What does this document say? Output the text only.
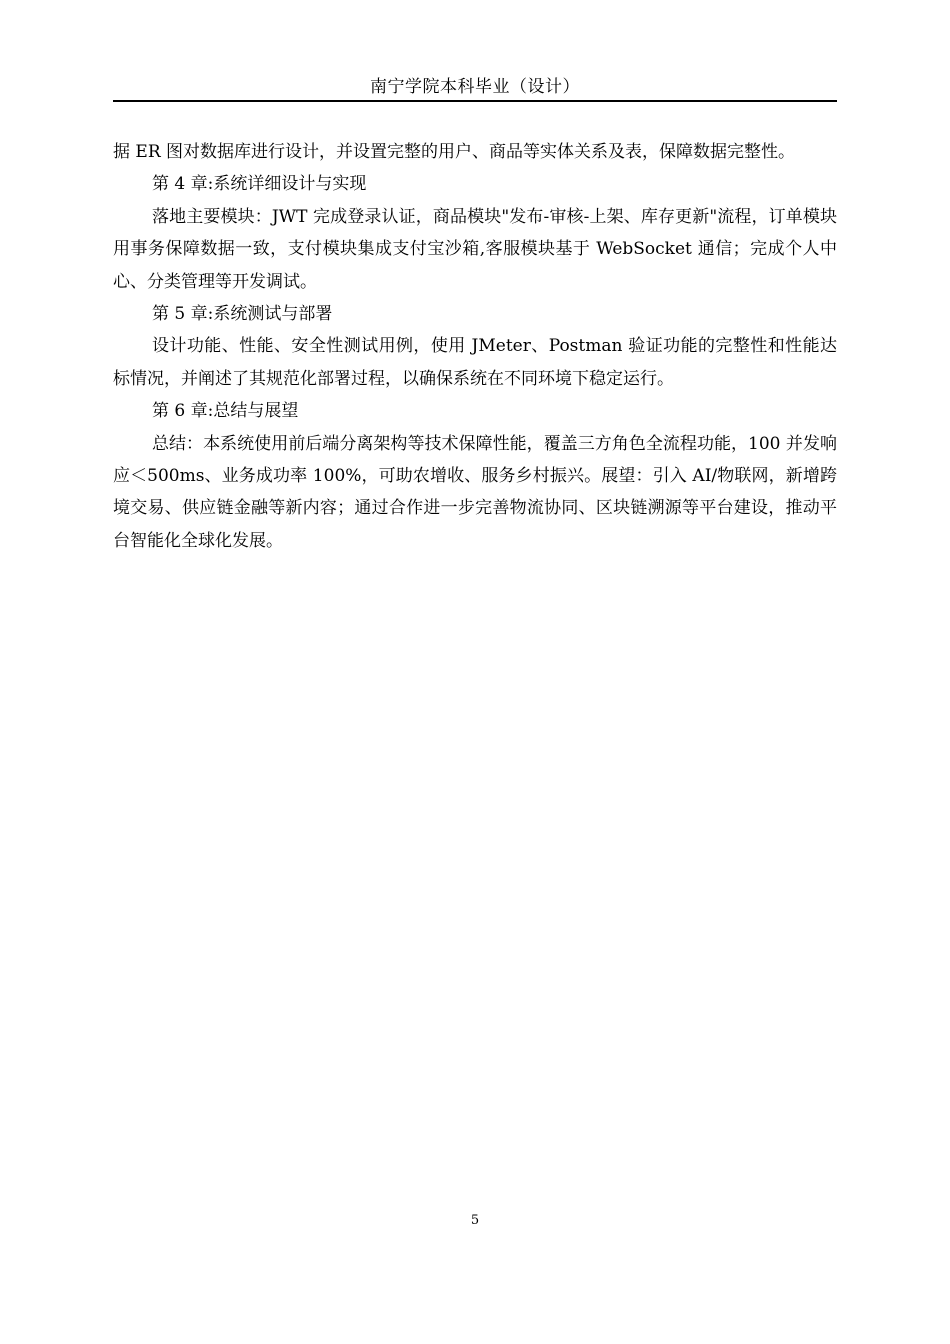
南宁学院本科毕业（设计）

据 ER 图对数据库进行设计，并设置完整的用户、商品等实体关系及表，保障数据完整性。

第 4 章:系统详细设计与实现

落地主要模块：JWT 完成登录认证，商品模块"发布-审核-上架、库存更新"流程，订单模块用事务保障数据一致，支付模块集成支付宝沙箱,客服模块基于 WebSocket 通信；完成个人中心、分类管理等开发调试。

第 5 章:系统测试与部署

设计功能、性能、安全性测试用例，使用 JMeter、Postman 验证功能的完整性和性能达标情况，并阐述了其规范化部署过程，以确保系统在不同环境下稳定运行。

第 6 章:总结与展望

总结：本系统使用前后端分离架构等技术保障性能，覆盖三方角色全流程功能，100 并发响应＜500ms、业务成功率 100%，可助农增收、服务乡村振兴。展望：引入 AI/物联网，新增跨境交易、供应链金融等新内容；通过合作进一步完善物流协同、区块链溯源等平台建设，推动平台智能化全球化发展。

5
